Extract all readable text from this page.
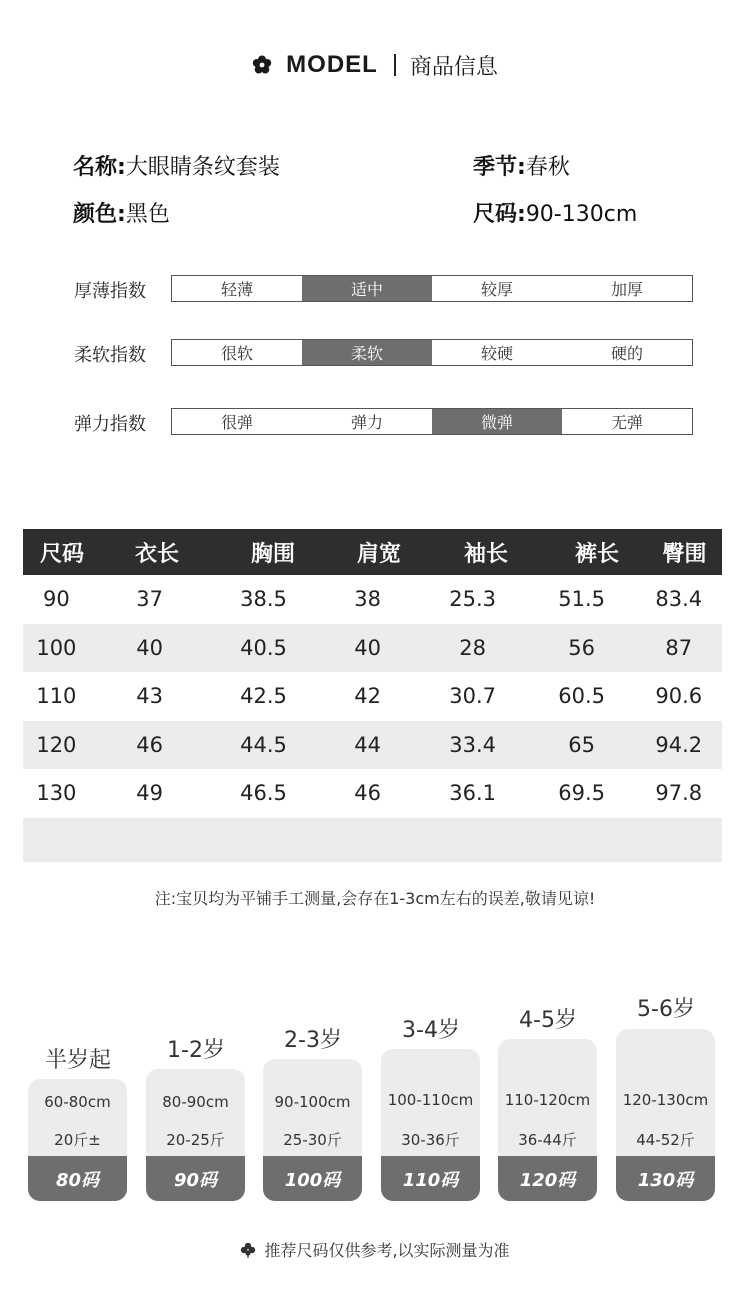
MODEL 商品信息
名称:大眼睛条纹套装	季节:春秋
颜色:黑色	尺码:90-130cm
厚薄指数	轻薄	适中	较厚	加厚
柔软指数	很软	柔软	较硬	硬的
弹力指数	很弹	弹力	微弹	无弹
尺码	衣长	胸围	肩宽	袖长	裤长	臀围
90	37	38.5	38	25.3	51.5	83.4
100	40	40.5	40	28	56	87
110	43	42.5	42	30.7	60.5	90.6
120	46	44.5	44	33.4	65	94.2
130	49	46.5	46	36.1	69.5	97.8
注:宝贝均为平铺手工测量,会存在1-3cm左右的误差,敬请见谅!
半岁起
60-80cm
20斤±
80码
1-2岁
80-90cm
20-25斤
90码
2-3岁
90-100cm
25-30斤
100码
3-4岁
100-110cm
30-36斤
110码
4-5岁
110-120cm
36-44斤
120码
5-6岁
120-130cm
44-52斤
130码
推荐尺码仅供参考,以实际测量为准
